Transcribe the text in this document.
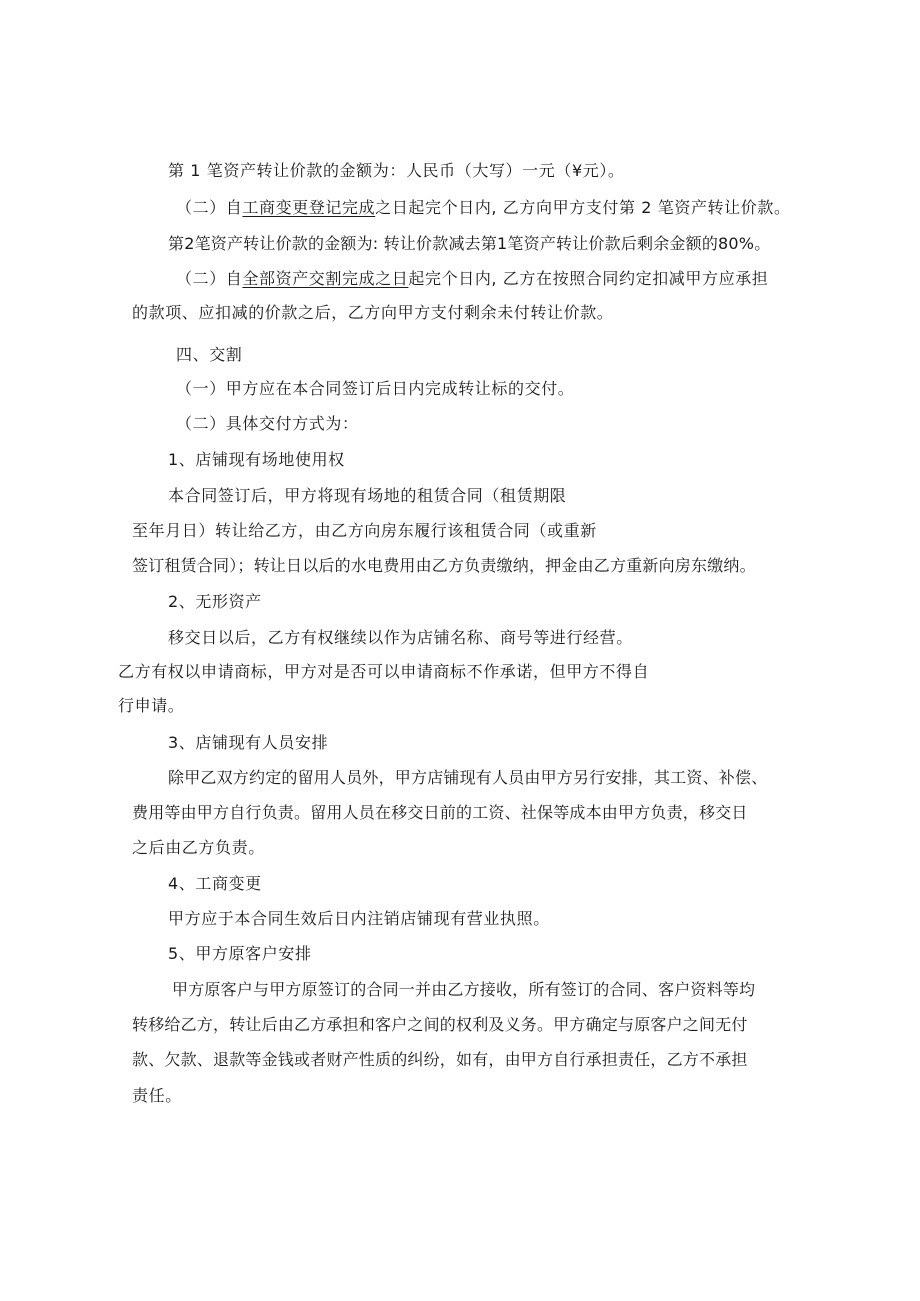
第 1 笔资产转让价款的金额为：人民币（大写）一元（¥元）。
（二）自工商变更登记完成之日起完个日内, 乙方向甲方支付第 2 笔资产转让价款。
第2笔资产转让价款的金额为: 转让价款减去第1笔资产转让价款后剩余金额的80%。
（二）自全部资产交割完成之日起完个日内, 乙方在按照合同约定扣减甲方应承担
的款项、应扣减的价款之后，乙方向甲方支付剩余未付转让价款。
四、交割
（一）甲方应在本合同签订后日内完成转让标的交付。
（二）具体交付方式为：
1、店铺现有场地使用权
本合同签订后，甲方将现有场地的租赁合同（租赁期限
至年月日）转让给乙方，由乙方向房东履行该租赁合同（或重新
签订租赁合同）；转让日以后的水电费用由乙方负责缴纳，押金由乙方重新向房东缴纳。
2、无形资产
移交日以后，乙方有权继续以作为店铺名称、商号等进行经营。
乙方有权以申请商标，甲方对是否可以申请商标不作承诺，但甲方不得自
行申请。
3、店铺现有人员安排
除甲乙双方约定的留用人员外，甲方店铺现有人员由甲方另行安排，其工资、补偿、
费用等由甲方自行负责。留用人员在移交日前的工资、社保等成本由甲方负责，移交日
之后由乙方负责。
4、工商变更
甲方应于本合同生效后日内注销店铺现有营业执照。
5、甲方原客户安排
甲方原客户与甲方原签订的合同一并由乙方接收，所有签订的合同、客户资料等均
转移给乙方，转让后由乙方承担和客户之间的权利及义务。甲方确定与原客户之间无付
款、欠款、退款等金钱或者财产性质的纠纷，如有，由甲方自行承担责任，乙方不承担
责任。
